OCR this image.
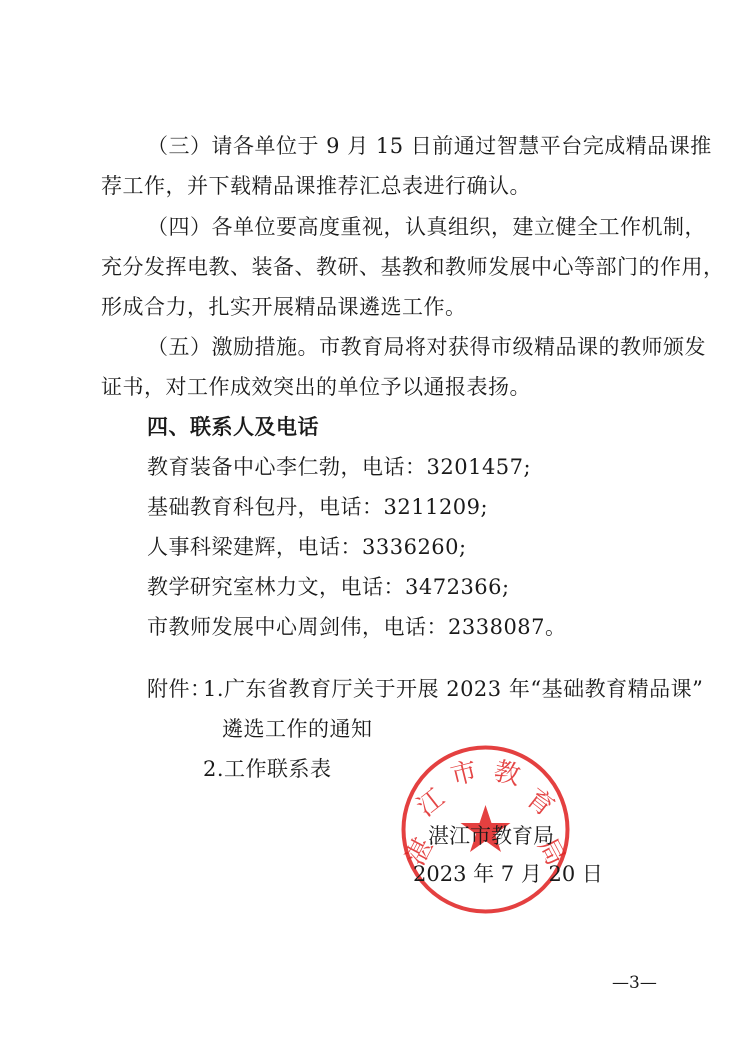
（三）请各单位于 9 月 15 日前通过智慧平台完成精品课推
荐工作，并下载精品课推荐汇总表进行确认。
（四）各单位要高度重视，认真组织，建立健全工作机制，
充分发挥电教、装备、教研、基教和教师发展中心等部门的作用，
形成合力，扎实开展精品课遴选工作。
（五）激励措施。市教育局将对获得市级精品课的教师颁发
证书，对工作成效突出的单位予以通报表扬。
四、联系人及电话
教育装备中心李仁勃，电话：3201457;
基础教育科包丹，电话：3211209;
人事科梁建辉，电话：3336260;
教学研究室林力文，电话：3472366;
市教师发展中心周剑伟，电话：2338087。
附件：
1.广东省教育厅关于开展 2023 年“基础教育精品课”
遴选工作的通知
2.工作联系表
湛
江
市 教
育
局
湛江市教育局
2023 年 7 月 20 日
—3—
